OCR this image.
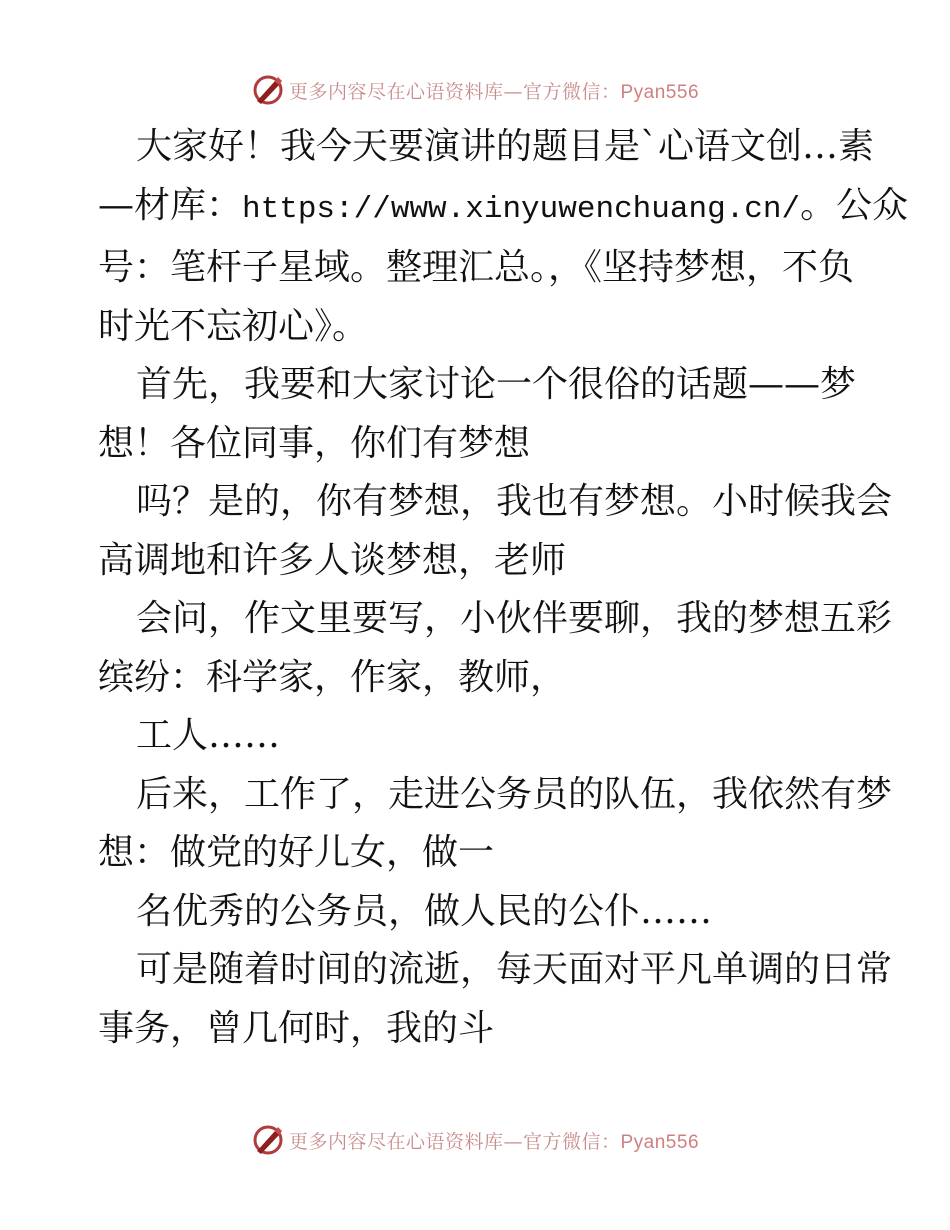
更多内容尽在心语资料库—官方微信：Pyan556
大家好！我今天要演讲的题目是`心语文创…素
—材库：https://www.xinyuwenchuang.cn/。公众
号：笔杆子星域。整理汇总。，《坚持梦想，不负
时光不忘初心》。
首先，我要和大家讨论一个很俗的话题——梦
想！各位同事，你们有梦想
吗？是的，你有梦想，我也有梦想。小时候我会
高调地和许多人谈梦想，老师
会问，作文里要写，小伙伴要聊，我的梦想五彩
缤纷：科学家，作家，教师，
工人……
后来，工作了，走进公务员的队伍，我依然有梦
想：做党的好儿女，做一
名优秀的公务员，做人民的公仆……
可是随着时间的流逝，每天面对平凡单调的日常
事务，曾几何时，我的斗
更多内容尽在心语资料库—官方微信：Pyan556
